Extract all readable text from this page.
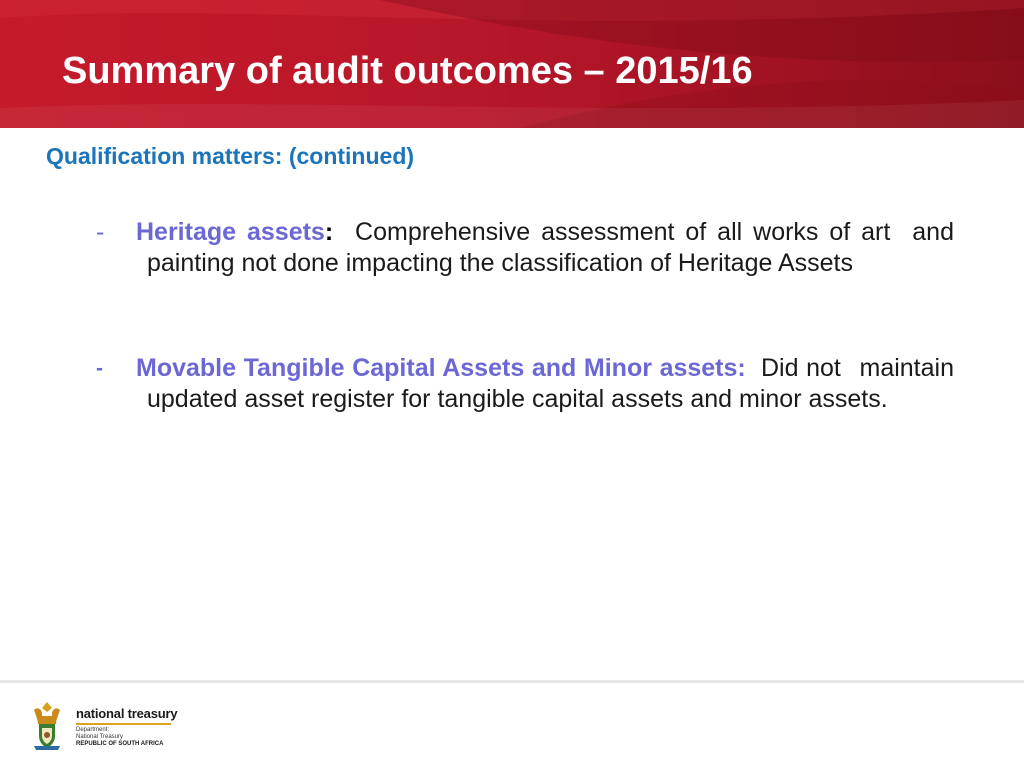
Summary of audit outcomes – 2015/16
Qualification matters: (continued)
- Heritage assets: Comprehensive assessment of all works of art and painting not done impacting the classification of Heritage Assets
- Movable Tangible Capital Assets and Minor assets: Did not maintain updated asset register for tangible capital assets and minor assets.
national treasury
Department:
National Treasury
REPUBLIC OF SOUTH AFRICA
